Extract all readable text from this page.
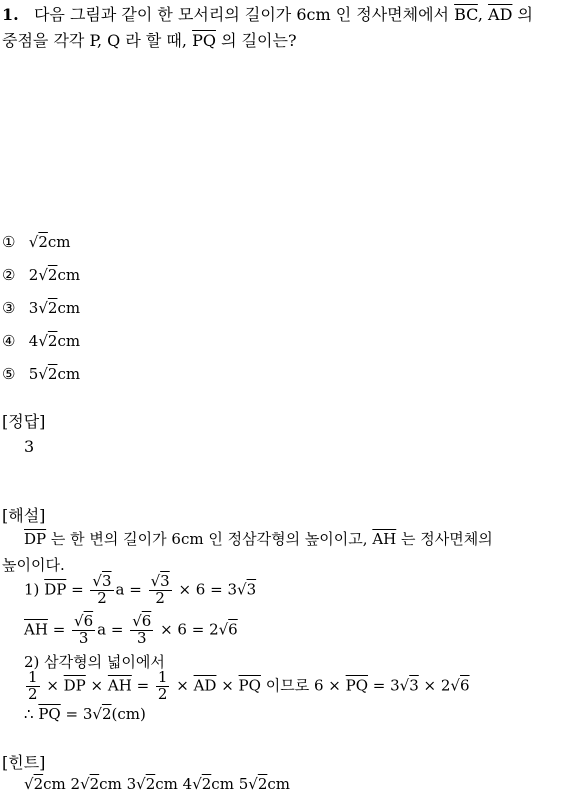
1. 다음 그림과 같이 한 모서리의 길이가 6cm 인 정사면체에서 $\overline{BC}$, $\overline{AD}$ 의
중점을 각각 P, Q 라 할 때, $\overline{PQ}$ 의 길이는?
① √2cm
② 2√2cm
③ 3√2cm
④ 4√2cm
⑤ 5√2cm
[정답]
3
[해설]
$\overline{DP}$ 는 한 변의 길이가 6cm 인 정삼각형의 높이이고, $\overline{AH}$ 는 정사면체의
높이이다.
1) $\overline{DP} = \frac{√3}{2}$ $a = \frac{√3}{2} \times 6 = 3√3$
$\overline{AH} = \frac{√6}{3}$ $a = \frac{√6}{3} \times 6 = 2√6$
2) 삼각형의 넓이에서
$\frac{1}{2} \times \overline{DP} \times \overline{AH} = \frac{1}{2} \times \overline{AD} \times \overline{PQ}$ 이므로 $6 \times \overline{PQ} = 3√3 \times 2√6$
∴ $\overline{PQ} = 3√2(cm)$
[힌트]
√2cm 2√2cm 3√2cm 4√2cm 5√2cm
